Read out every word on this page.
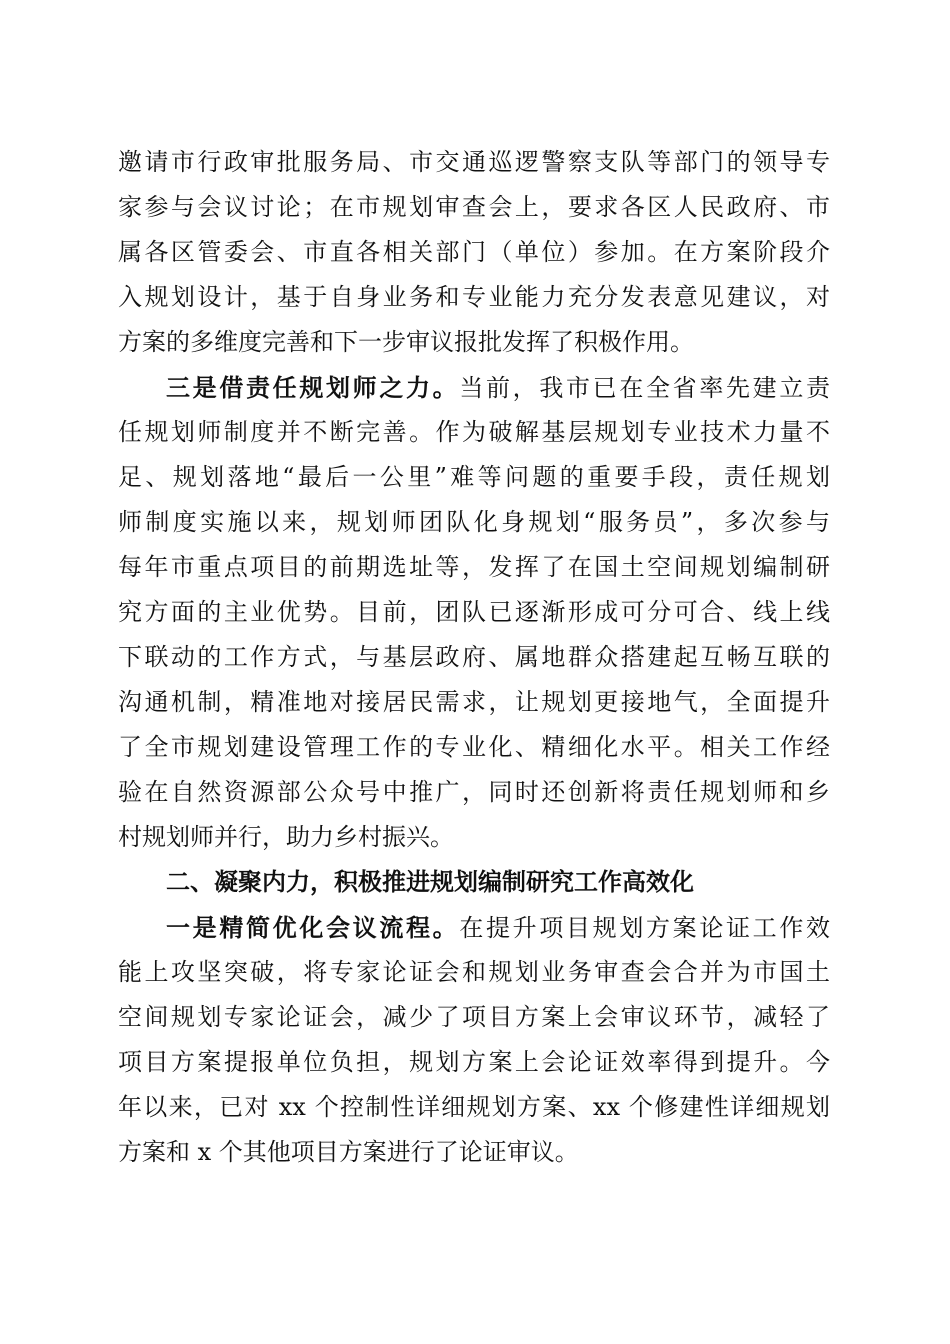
邀请市行政审批服务局、市交通巡逻警察支队等部门的领导专
家参与会议讨论；在市规划审查会上，要求各区人民政府、市
属各区管委会、市直各相关部门（单位）参加。在方案阶段介
入规划设计，基于自身业务和专业能力充分发表意见建议，对
方案的多维度完善和下一步审议报批发挥了积极作用。
三是借责任规划师之力。当前，我市已在全省率先建立责
任规划师制度并不断完善。作为破解基层规划专业技术力量不
足、规划落地“最后一公里”难等问题的重要手段，责任规划
师制度实施以来，规划师团队化身规划“服务员”，多次参与
每年市重点项目的前期选址等，发挥了在国土空间规划编制研
究方面的主业优势。目前，团队已逐渐形成可分可合、线上线
下联动的工作方式，与基层政府、属地群众搭建起互畅互联的
沟通机制，精准地对接居民需求，让规划更接地气，全面提升
了全市规划建设管理工作的专业化、精细化水平。相关工作经
验在自然资源部公众号中推广，同时还创新将责任规划师和乡
村规划师并行，助力乡村振兴。
二、凝聚内力，积极推进规划编制研究工作高效化
一是精简优化会议流程。在提升项目规划方案论证工作效
能上攻坚突破，将专家论证会和规划业务审查会合并为市国土
空间规划专家论证会，减少了项目方案上会审议环节，减轻了
项目方案提报单位负担，规划方案上会论证效率得到提升。今
年以来，已对 xx 个控制性详细规划方案、xx 个修建性详细规划
方案和 x 个其他项目方案进行了论证审议。
